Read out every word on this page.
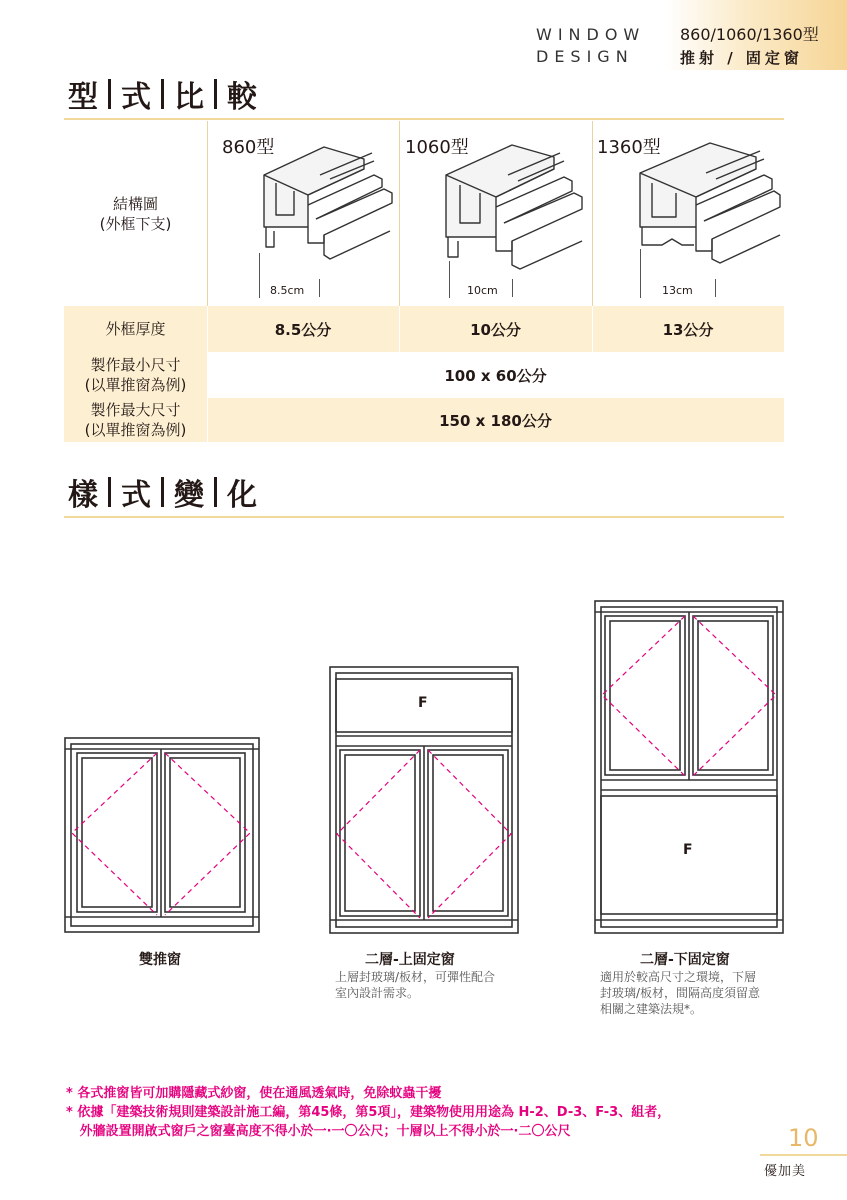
WINDOW
DESIGN
860/1060/1360型
推射 / 固定窗
型 式 比 較
結構圖
(外框下支)
860型
8.5cm
1060型
10cm
1360型
13cm
外框厚度	8.5公分	10公分	13公分
製作最小尺寸
(以單推窗為例)	100 x 60公分
製作最大尺寸
(以單推窗為例)	150 x 180公分
樣 式 變 化
雙推窗
F
二層-上固定窗
上層封玻璃/板材，可彈性配合
室內設計需求。
F
二層-下固定窗
適用於較高尺寸之環境，下層
封玻璃/板材，間隔高度須留意
相關之建築法規*。
* 各式推窗皆可加購隱藏式紗窗，使在通風透氣時，免除蚊蟲干擾
* 依據「建築技術規則建築設計施工編，第45條，第5項」，建築物使用用途為 H-2、D-3、F-3、組者，
外牆設置開啟式窗戶之窗臺高度不得小於一·一〇公尺；十層以上不得小於一·二〇公尺	10
優加美
